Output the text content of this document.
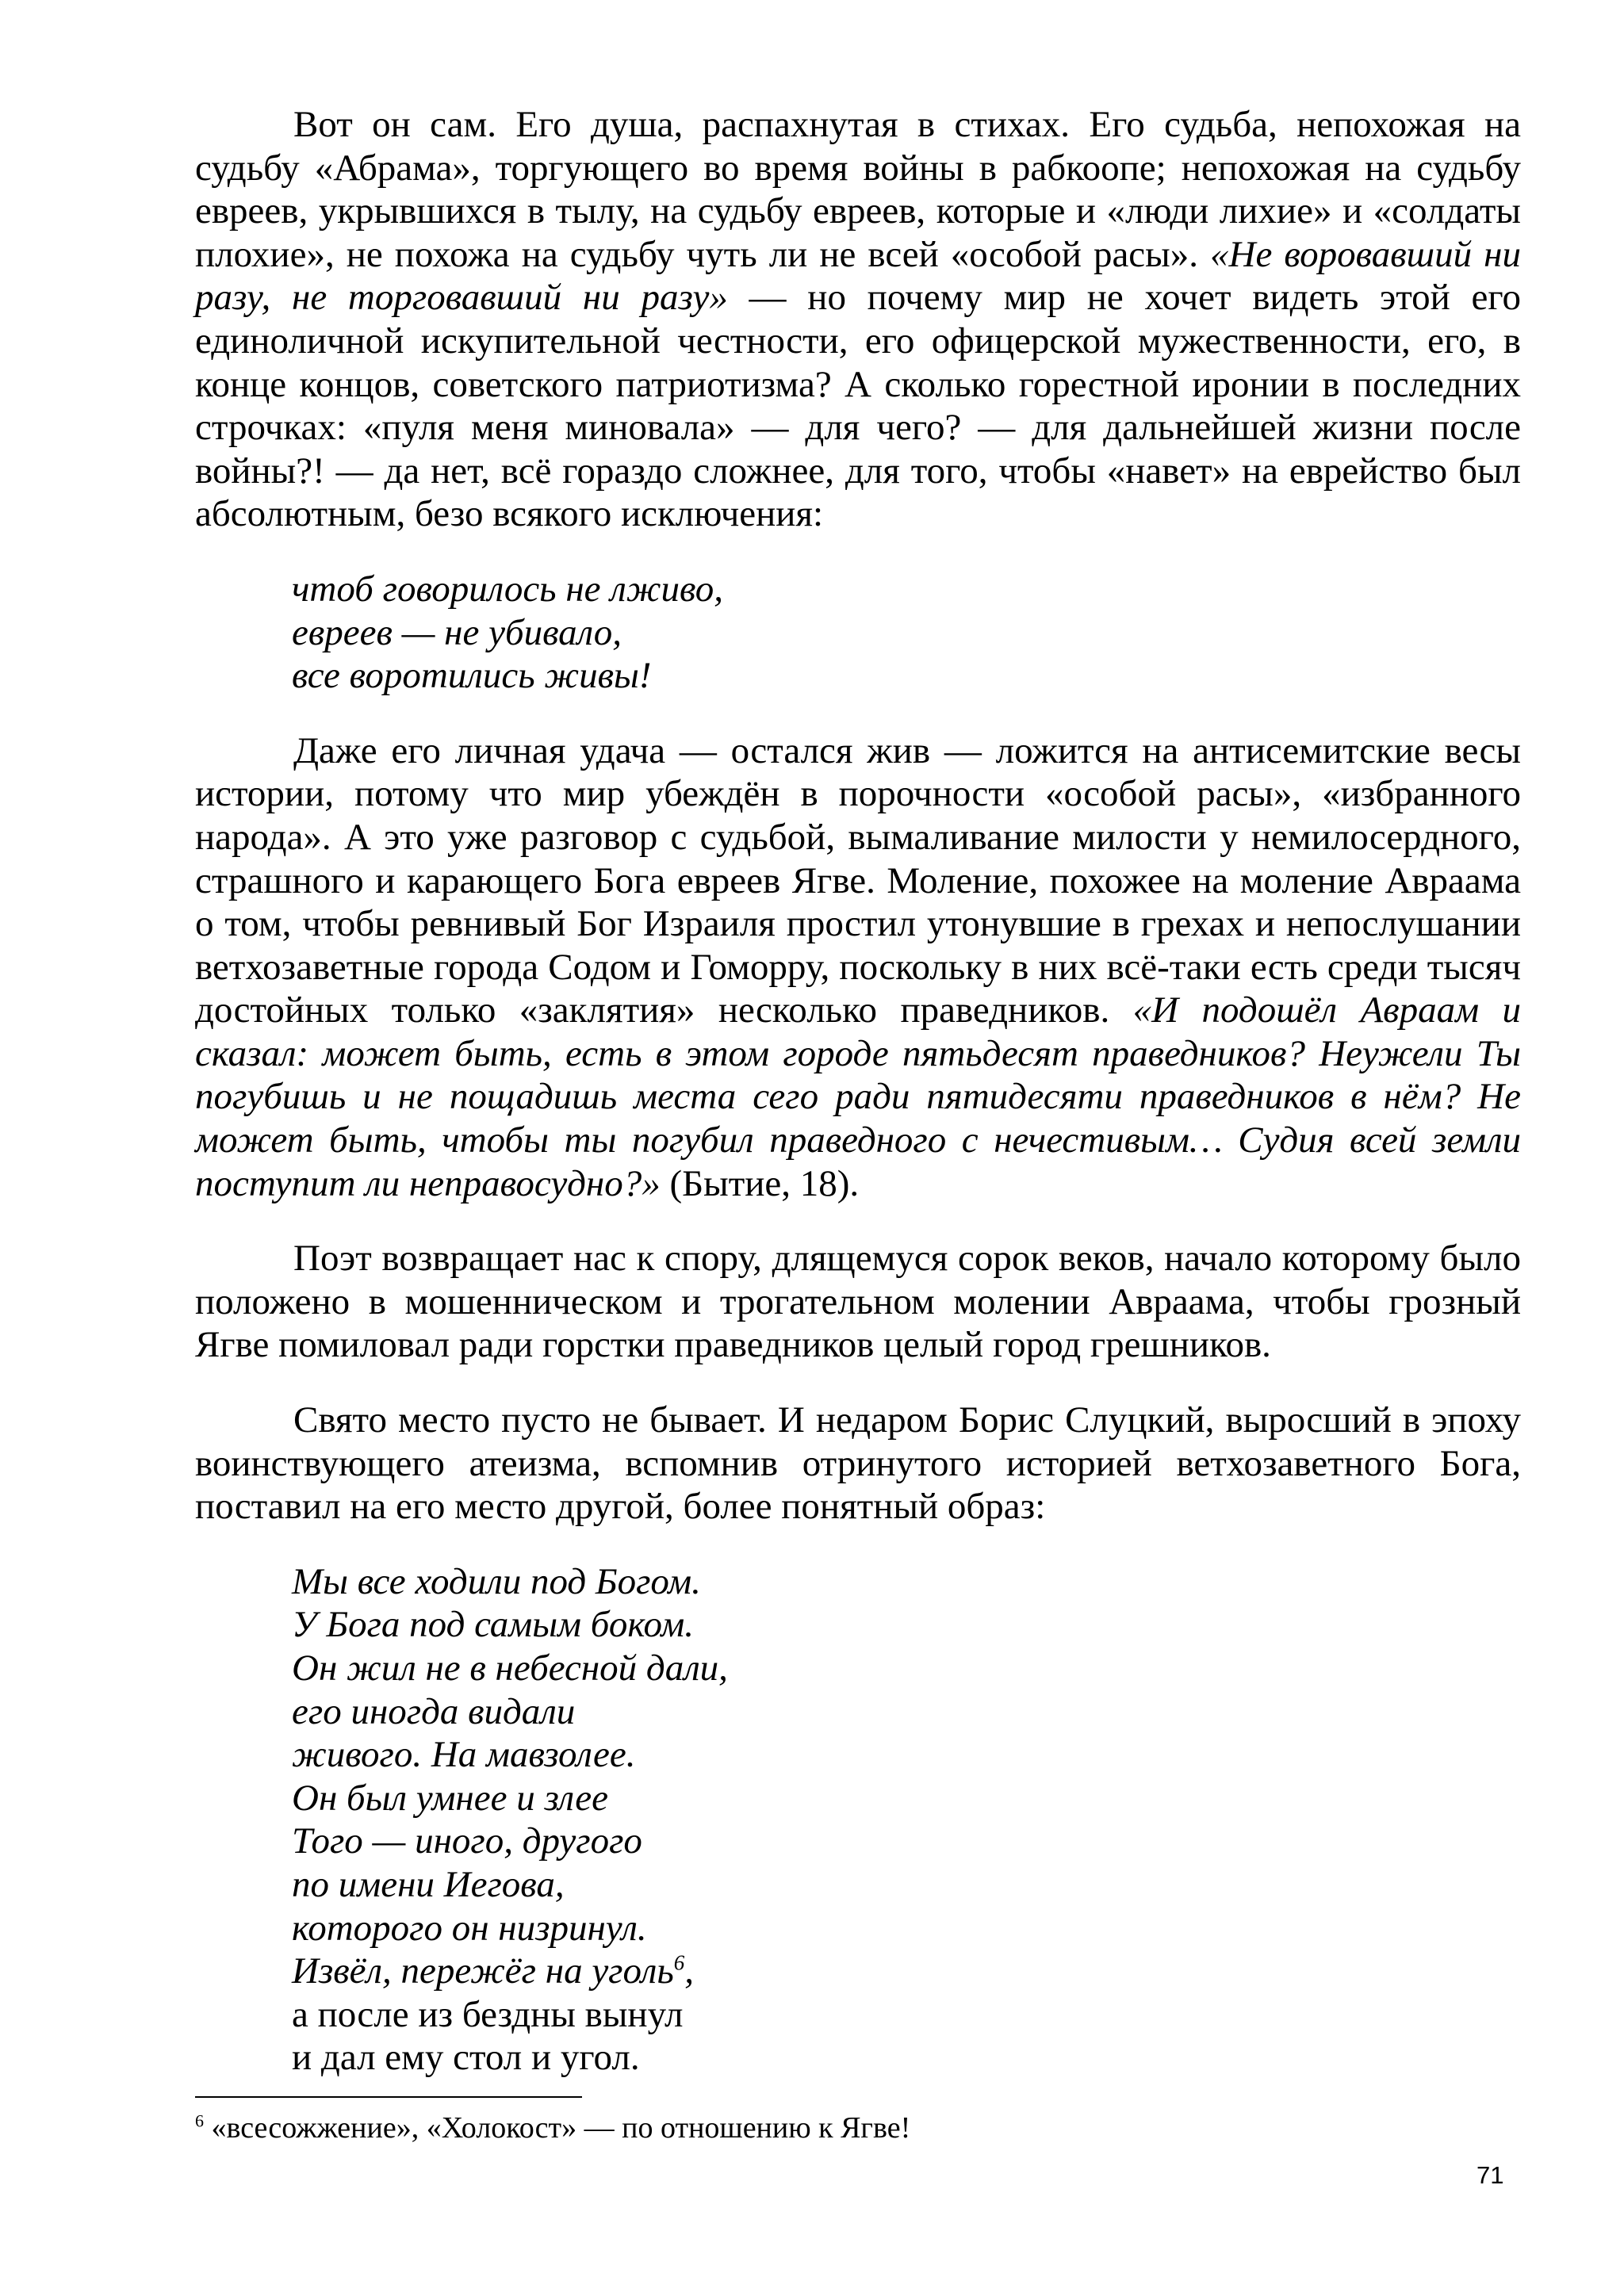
Вот он сам. Его душа, распахнутая в стихах. Его судьба, непохожая на судьбу «Абрама», торгующего во время войны в рабкоопе; непохожая на судьбу евреев, укрывшихся в тылу, на судьбу евреев, которые и «люди лихие» и «солдаты плохие», не похожа на судьбу чуть ли не всей «особой расы». «Не воровавший ни разу, не торговавший ни разу» — но почему мир не хочет видеть этой его единоличной искупительной честности, его офицерской мужественности, его, в конце концов, советского патриотизма? А сколько горестной иронии в последних строчках: «пуля меня миновала» — для чего? — для дальнейшей жизни после войны?! — да нет, всё гораздо сложнее, для того, чтобы «навет» на еврейство был абсолютным, безо всякого исключения:

чтоб говорилось не лживо,
евреев — не убивало,
все воротились живы!

Даже его личная удача — остался жив — ложится на антисемитские весы истории, потому что мир убеждён в порочности «особой расы», «избранного народа». А это уже разговор с судьбой, вымаливание милости у немилосердного, страшного и карающего Бога евреев Ягве. Моление, похожее на моление Авраама о том, чтобы ревнивый Бог Израиля простил утонувшие в грехах и непослушании ветхозаветные города Содом и Гоморру, поскольку в них всё-таки есть среди тысяч достойных только «заклятия» несколько праведников. «И подошёл Авраам и сказал: может быть, есть в этом городе пятьдесят праведников? Неужели Ты погубишь и не пощадишь места сего ради пятидесяти праведников в нём? Не может быть, чтобы ты погубил праведного с нечестивым… Судия всей земли поступит ли неправосудно?» (Бытие, 18).

Поэт возвращает нас к спору, длящемуся сорок веков, начало которому было положено в мошенническом и трогательном молении Авраама, чтобы грозный Ягве помиловал ради горстки праведников целый город грешников.

Свято место пусто не бывает. И недаром Борис Слуцкий, выросший в эпоху воинствующего атеизма, вспомнив отринутого историей ветхозаветного Бога, поставил на его место другой, более понятный образ:

Мы все ходили под Богом.
У Бога под самым боком.
Он жил не в небесной дали,
его иногда видали
живого. На мавзолее.
Он был умнее и злее
Того — иного, другого
по имени Иегова,
которого он низринул.
Извёл, пережёг на уголь$^6$,
а после из бездны вынул
и дал ему стол и угол.
$^6$ «всесожжение», «Холокост» — по отношению к Ягве!
71
